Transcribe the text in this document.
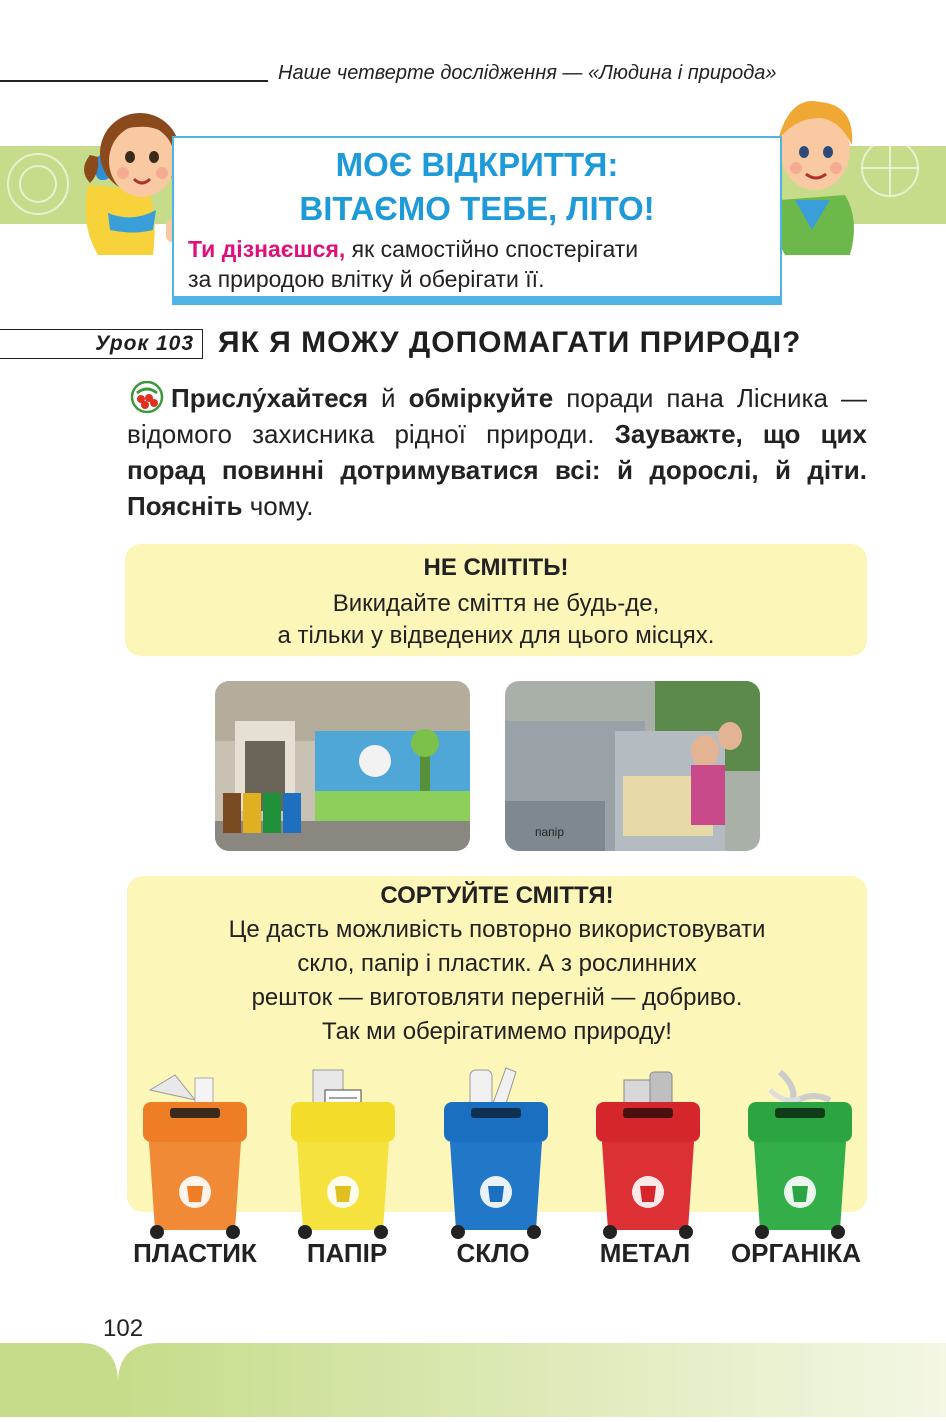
Наше четверте дослідження — «Людина і природа»
МОЄ ВІДКРИТТЯ:
ВІТАЄМО ТЕБЕ, ЛІТО!
Ти дізнаєшся, як самостійно спостерігати
за природою влітку й оберігати її.
Урок 103 ЯК Я МОЖУ ДОПОМАГАТИ ПРИРОДІ?
Прислу́хайтеся й обміркуйте поради пана Лісника — відомого захисника рідної природи. Зауважте, що цих порад повинні дотримуватися всі: й дорослі, й діти. Поясніть чому.
НЕ СМІТІТЬ!
Викидайте сміття не будь-де,
а тільки у відведених для цього місцях.
папір
СОРТУЙТЕ СМІТТЯ!
Це дасть можливість повторно використовувати
скло, папір і пластик. А з рослинних
решток — виготовляти перегній — добриво.
Так ми оберігатимемо природу!
ПЛАСТИК	ПАПІР	СКЛО	МЕТАЛ	ОРГАНІКА
102
